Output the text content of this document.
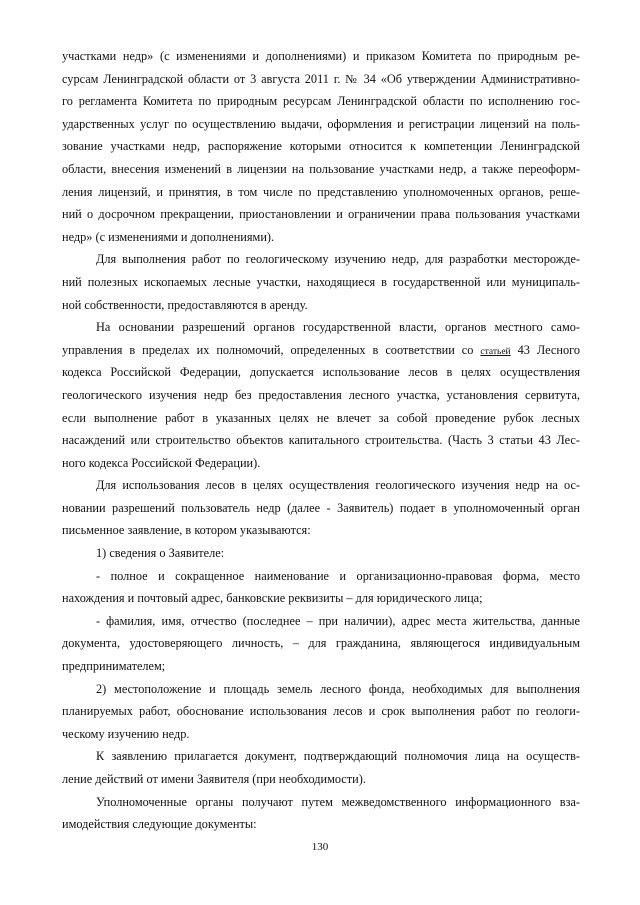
участками недр» (с изменениями и дополнениями) и приказом Комитета по природным ре-
сурсам Ленинградской области от 3 августа 2011 г. № 34 «Об утверждении Административно-
го регламента Комитета по природным ресурсам Ленинградской области по исполнению гос-
ударственных услуг по осуществлению выдачи, оформления и регистрации лицензий на поль-
зование участками недр, распоряжение которыми относится к компетенции Ленинградской
области, внесения изменений в лицензии на пользование участками недр, а также переоформ-
ления лицензий, и принятия, в том числе по представлению уполномоченных органов, реше-
ний о досрочном прекращении, приостановлении и ограничении права пользования участками
недр» (с изменениями и дополнениями).
Для выполнения работ по геологическому изучению недр, для разработки месторожде-
ний полезных ископаемых лесные участки, находящиеся в государственной или муниципаль-
ной собственности, предоставляются в аренду.
На основании разрешений органов государственной власти, органов местного само-
управления в пределах их полномочий, определенных в соответствии со статьей 43 Лесного
кодекса Российской Федерации, допускается использование лесов в целях осуществления
геологического изучения недр без предоставления лесного участка, установления сервитута,
если выполнение работ в указанных целях не влечет за собой проведение рубок лесных
насаждений или строительство объектов капитального строительства. (Часть 3 статьи 43 Лес-
ного кодекса Российской Федерации).
Для использования лесов в целях осуществления геологического изучения недр на ос-
новании разрешений пользователь недр (далее - Заявитель) подает в уполномоченный орган
письменное заявление, в котором указываются:
1) сведения о Заявителе:
- полное и сокращенное наименование и организационно-правовая форма, место
нахождения и почтовый адрес, банковские реквизиты – для юридического лица;
- фамилия, имя, отчество (последнее – при наличии), адрес места жительства, данные
документа, удостоверяющего личность, – для гражданина, являющегося индивидуальным
предпринимателем;
2) местоположение и площадь земель лесного фонда, необходимых для выполнения
планируемых работ, обоснование использования лесов и срок выполнения работ по геологи-
ческому изучению недр.
К заявлению прилагается документ, подтверждающий полномочия лица на осуществ-
ление действий от имени Заявителя (при необходимости).
Уполномоченные органы получают путем межведомственного информационного вза-
имодействия следующие документы:
130
